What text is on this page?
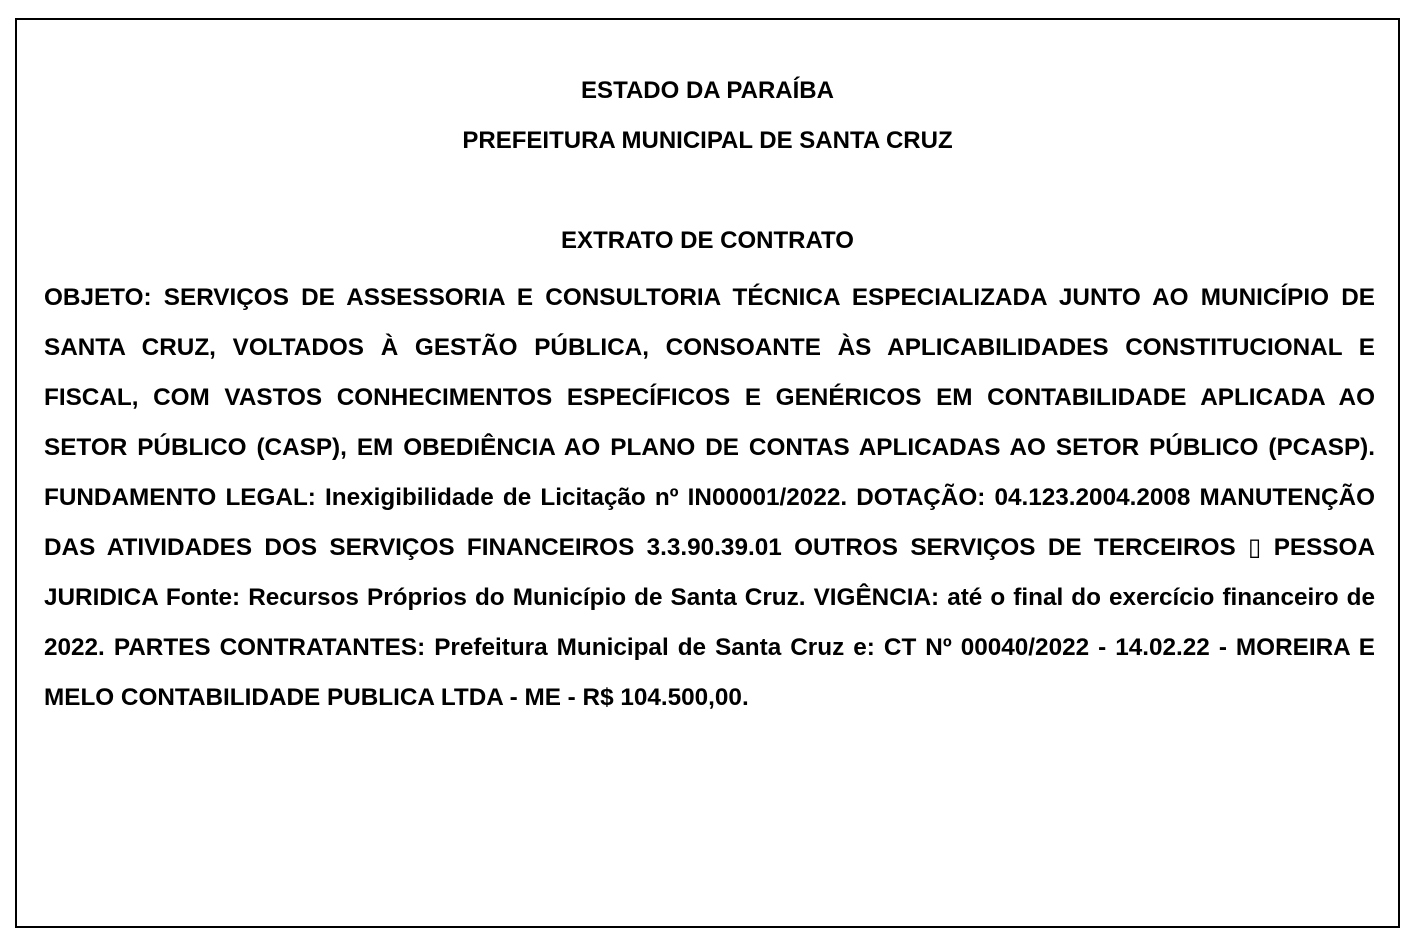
ESTADO DA PARAÍBA
PREFEITURA MUNICIPAL DE SANTA CRUZ
EXTRATO DE CONTRATO

OBJETO: SERVIÇOS DE ASSESSORIA E CONSULTORIA TÉCNICA ESPECIALIZADA JUNTO AO MUNICÍPIO DE SANTA CRUZ, VOLTADOS À GESTÃO PÚBLICA, CONSOANTE ÀS APLICABILIDADES CONSTITUCIONAL E FISCAL, COM VASTOS CONHECIMENTOS ESPECÍFICOS E GENÉRICOS EM CONTABILIDADE APLICADA AO SETOR PÚBLICO (CASP), EM OBEDIÊNCIA AO PLANO DE CONTAS APLICADAS AO SETOR PÚBLICO (PCASP). FUNDAMENTO LEGAL: Inexigibilidade de Licitação nº IN00001/2022. DOTAÇÃO: 04.123.2004.2008 MANUTENÇÃO DAS ATIVIDADES DOS SERVIÇOS FINANCEIROS 3.3.90.39.01 OUTROS SERVIÇOS DE TERCEIROS ▯ PESSOA JURIDICA Fonte: Recursos Próprios do Município de Santa Cruz. VIGÊNCIA: até o final do exercício financeiro de 2022. PARTES CONTRATANTES: Prefeitura Municipal de Santa Cruz e: CT Nº 00040/2022 - 14.02.22 - MOREIRA E MELO CONTABILIDADE PUBLICA LTDA - ME - R$ 104.500,00.
